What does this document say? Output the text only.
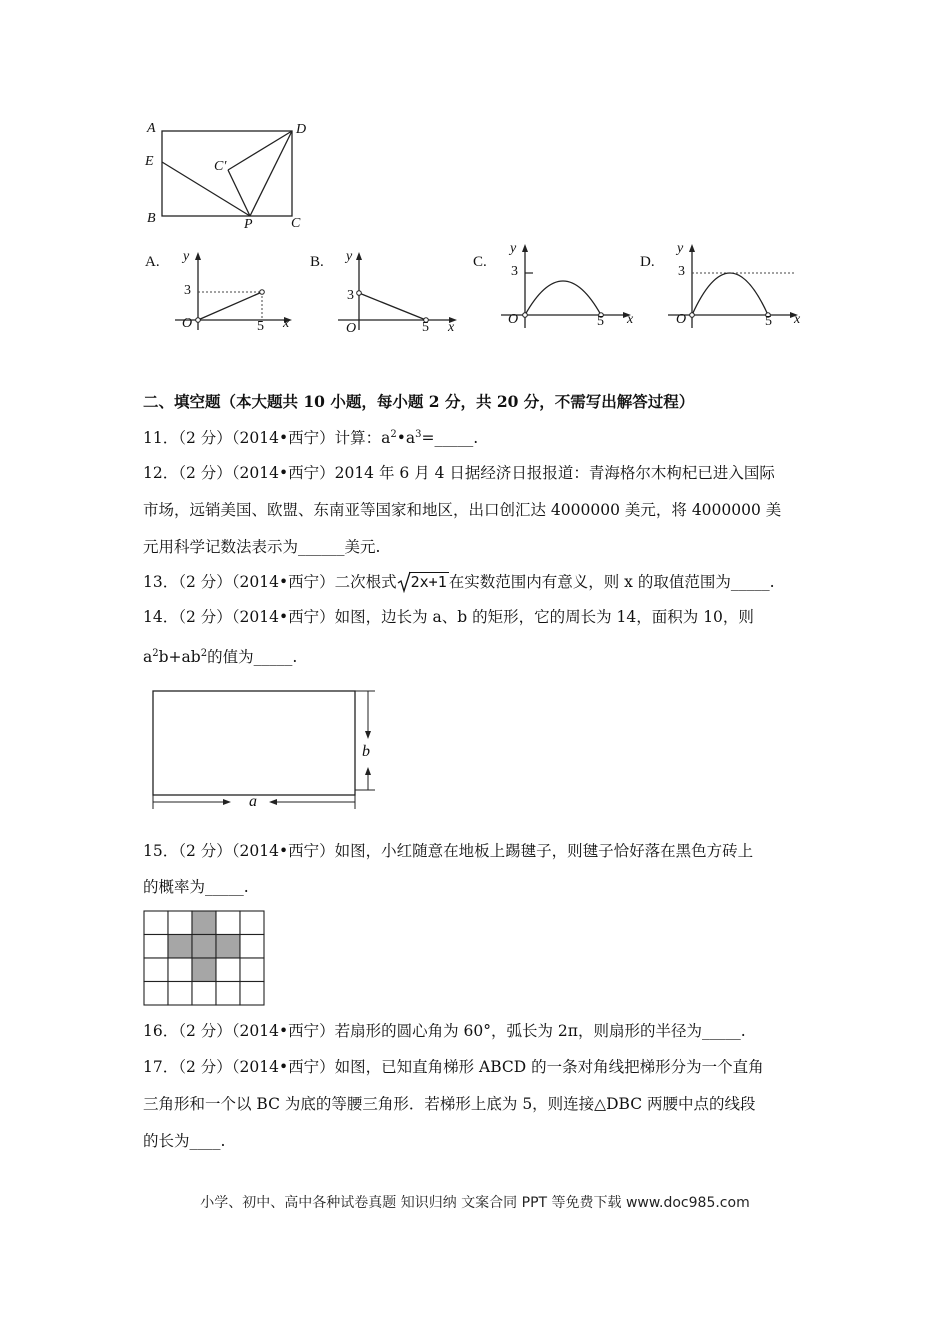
A	D
E	C′
B	P	C
A. y
3
O	5 x
B. y
3
O	5 x
C.
y
3
O	5 x
D.
y
3
O	5 x
二、填空题（本大题共 10 小题，每小题 2 分，共 20 分，不需写出解答过程）
11．（2 分）（2014•西宁）计算：$a^2•a^3=\_\_\_\_\_$.
12．（2 分）（2014•西宁）2014 年 6 月 4 日据经济日报报道：青海格尔木枸杞已进入国际
市场，远销美国、欧盟、东南亚等国家和地区，出口创汇达 4000000 美元，将 4000000 美
元用科学记数法表示为______美元.
13．（2 分）（2014•西宁）二次根式 2x+1 在实数范围内有意义，则 x 的取值范围为_____.
14．（2 分）（2014•西宁）如图，边长为 a、b 的矩形，它的周长为 14，面积为 10，则
$a^2b+ab^2$的值为_____.
a
b
15．（2 分）（2014•西宁）如图，小红随意在地板上踢毽子，则毽子恰好落在黑色方砖上
的概率为_____.
16．（2 分）（2014•西宁）若扇形的圆心角为 60°，弧长为 2π，则扇形的半径为_____.
17．（2 分）（2014•西宁）如图，已知直角梯形 ABCD 的一条对角线把梯形分为一个直角
三角形和一个以 BC 为底的等腰三角形．若梯形上底为 5，则连接△DBC 两腰中点的线段
的长为____.
小学、初中、高中各种试卷真题 知识归纳 文案合同 PPT 等免费下载 www.doc985.com
